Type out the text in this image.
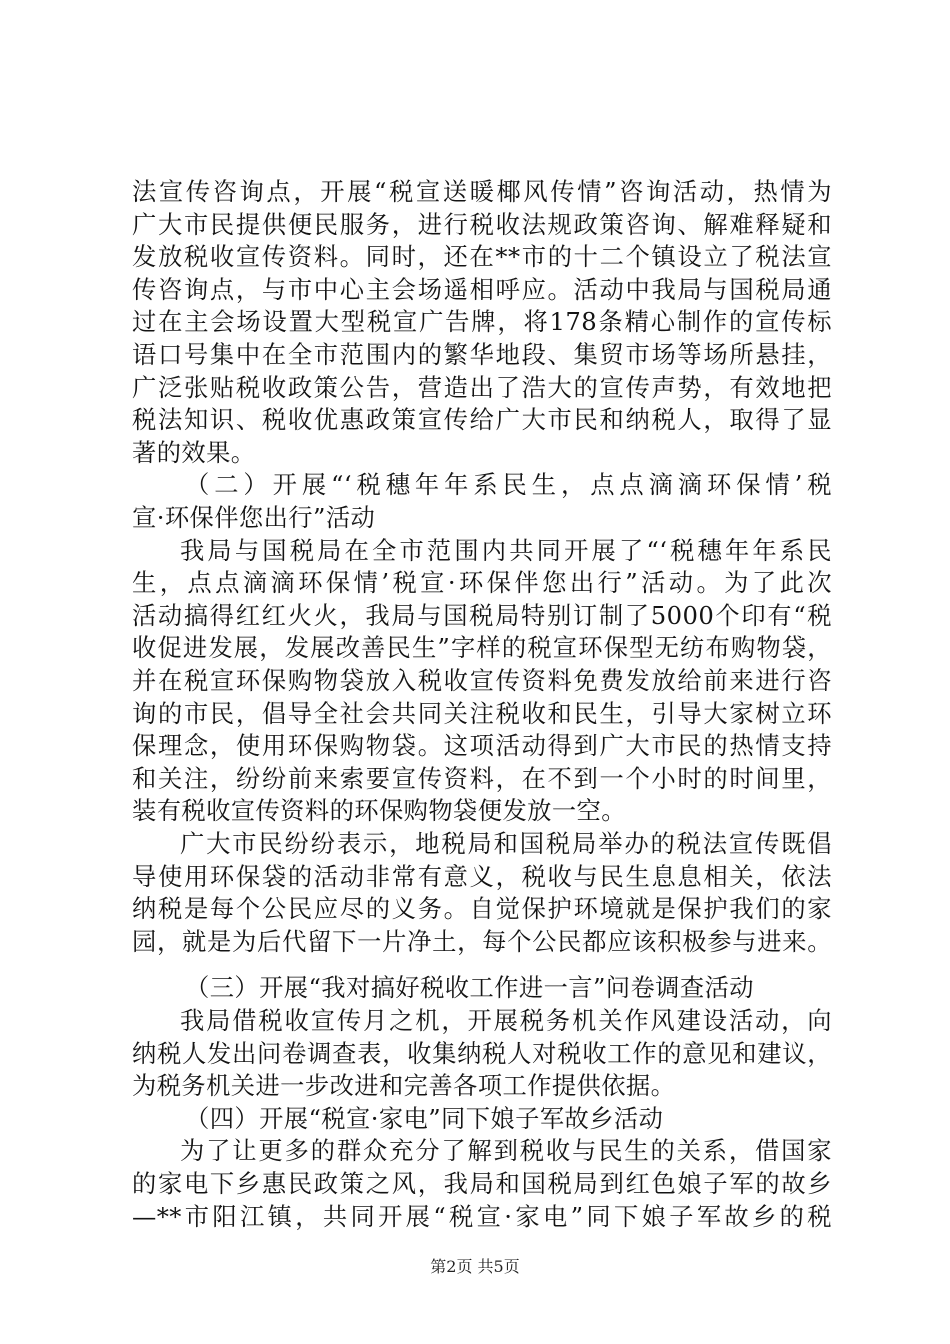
法宣传咨询点，开展“税宣送暖椰风传情”咨询活动，热情为
广大市民提供便民服务，进行税收法规政策咨询、解难释疑和
发放税收宣传资料。同时，还在**市的十二个镇设立了税法宣
传咨询点，与市中心主会场遥相呼应。活动中我局与国税局通
过在主会场设置大型税宣广告牌，将178条精心制作的宣传标
语口号集中在全市范围内的繁华地段、集贸市场等场所悬挂，
广泛张贴税收政策公告，营造出了浩大的宣传声势，有效地把
税法知识、税收优惠政策宣传给广大市民和纳税人，取得了显
著的效果。
（二）开展“‘税穗年年系民生，点点滴滴环保情’税
宣·环保伴您出行”活动
我局与国税局在全市范围内共同开展了“‘税穗年年系民
生，点点滴滴环保情’税宣·环保伴您出行”活动。为了此次
活动搞得红红火火，我局与国税局特别订制了5000个印有“税
收促进发展，发展改善民生”字样的税宣环保型无纺布购物袋，
并在税宣环保购物袋放入税收宣传资料免费发放给前来进行咨
询的市民，倡导全社会共同关注税收和民生，引导大家树立环
保理念，使用环保购物袋。这项活动得到广大市民的热情支持
和关注，纷纷前来索要宣传资料，在不到一个小时的时间里，
装有税收宣传资料的环保购物袋便发放一空。
广大市民纷纷表示，地税局和国税局举办的税法宣传既倡
导使用环保袋的活动非常有意义，税收与民生息息相关，依法
纳税是每个公民应尽的义务。自觉保护环境就是保护我们的家
园，就是为后代留下一片净土，每个公民都应该积极参与进来。
（三）开展“我对搞好税收工作进一言”问卷调查活动
我局借税收宣传月之机，开展税务机关作风建设活动，向
纳税人发出问卷调查表，收集纳税人对税收工作的意见和建议，
为税务机关进一步改进和完善各项工作提供依据。
（四）开展“税宣·家电”同下娘子军故乡活动
为了让更多的群众充分了解到税收与民生的关系，借国家
的家电下乡惠民政策之风，我局和国税局到红色娘子军的故乡
—**市阳江镇，共同开展“税宣·家电”同下娘子军故乡的税
第2页 共5页
